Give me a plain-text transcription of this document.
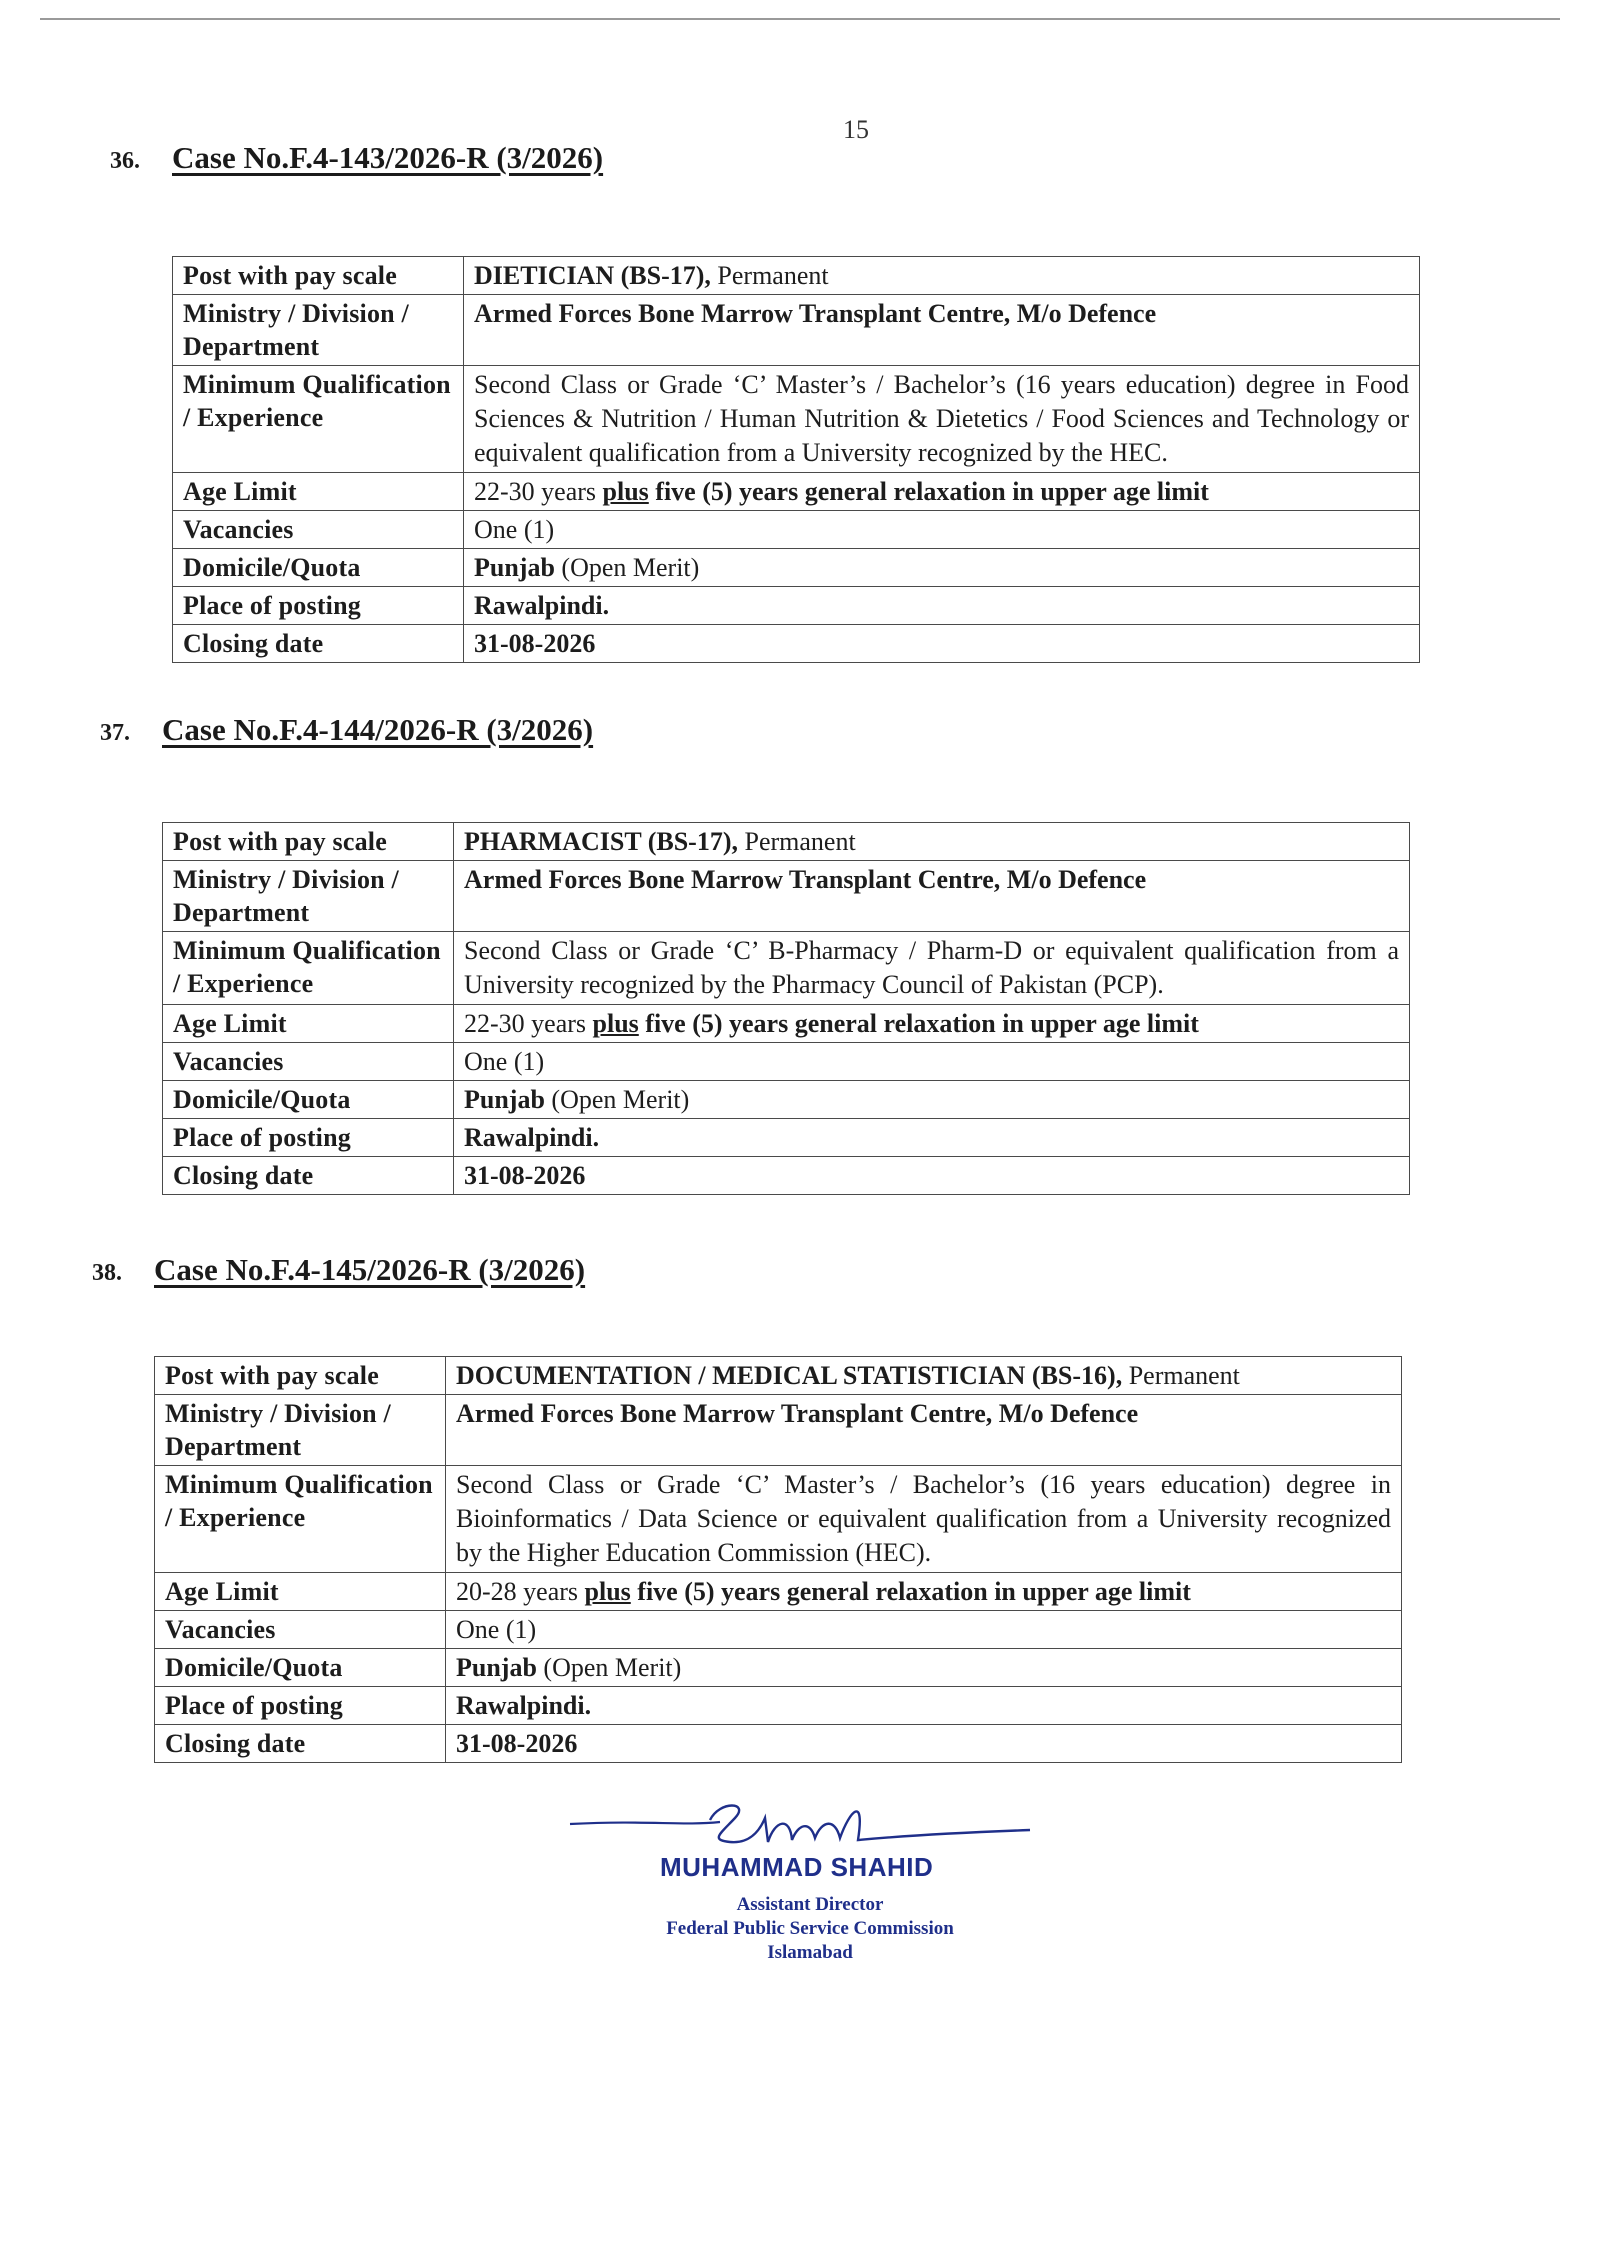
15
36. Case No.F.4-143/2026-R (3/2026)
Post with pay scale	DIETICIAN (BS-17), Permanent
Ministry / Division / Department	Armed Forces Bone Marrow Transplant Centre, M/o Defence
Minimum Qualification / Experience	Second Class or Grade ‘C’ Master’s / Bachelor’s (16 years education) degree in Food Sciences & Nutrition / Human Nutrition & Dietetics / Food Sciences and Technology or equivalent qualification from a University recognized by the HEC.
Age Limit	22-30 years plus five (5) years general relaxation in upper age limit
Vacancies	One (1)
Domicile/Quota	Punjab (Open Merit)
Place of posting	Rawalpindi.
Closing date	31-08-2026
37. Case No.F.4-144/2026-R (3/2026)
Post with pay scale	PHARMACIST (BS-17), Permanent
Ministry / Division / Department	Armed Forces Bone Marrow Transplant Centre, M/o Defence
Minimum Qualification / Experience	Second Class or Grade ‘C’ B-Pharmacy / Pharm-D or equivalent qualification from a University recognized by the Pharmacy Council of Pakistan (PCP).
Age Limit	22-30 years plus five (5) years general relaxation in upper age limit
Vacancies	One (1)
Domicile/Quota	Punjab (Open Merit)
Place of posting	Rawalpindi.
Closing date	31-08-2026
38. Case No.F.4-145/2026-R (3/2026)
Post with pay scale	DOCUMENTATION / MEDICAL STATISTICIAN (BS-16), Permanent
Ministry / Division / Department	Armed Forces Bone Marrow Transplant Centre, M/o Defence
Minimum Qualification / Experience	Second Class or Grade ‘C’ Master’s / Bachelor’s (16 years education) degree in Bioinformatics / Data Science or equivalent qualification from a University recognized by the Higher Education Commission (HEC).
Age Limit	20-28 years plus five (5) years general relaxation in upper age limit
Vacancies	One (1)
Domicile/Quota	Punjab (Open Merit)
Place of posting	Rawalpindi.
Closing date	31-08-2026
MUHAMMAD SHAHID
Assistant Director
Federal Public Service Commission
Islamabad
